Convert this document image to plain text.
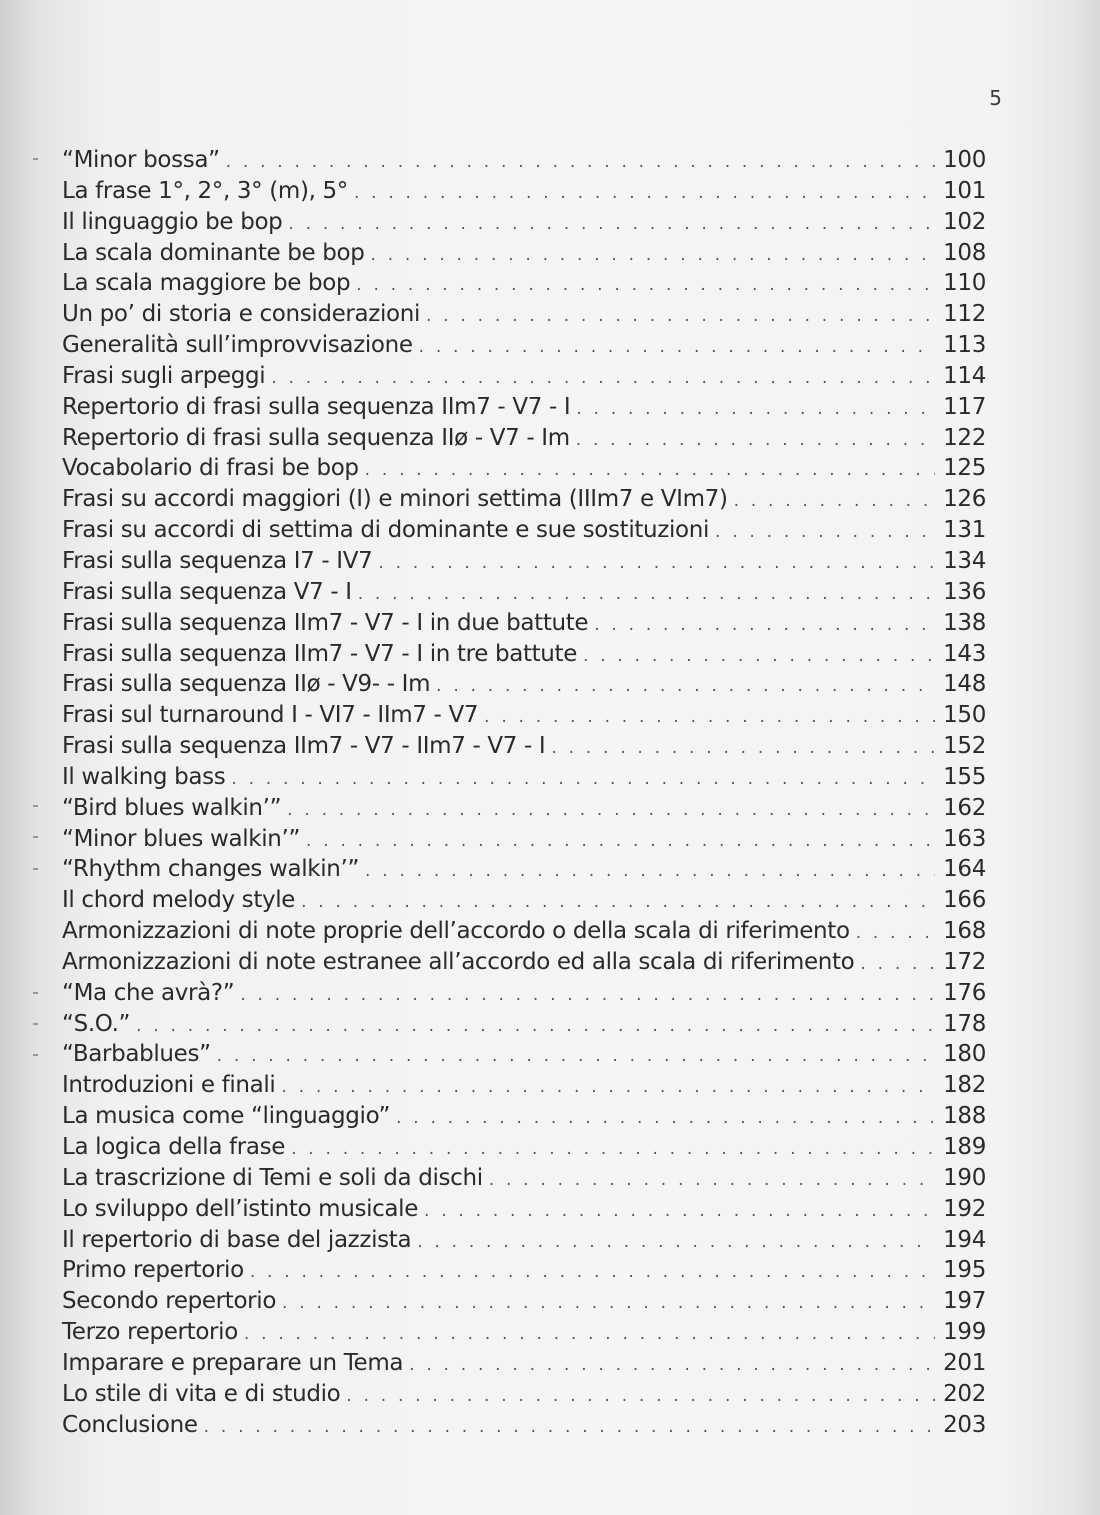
5
“Minor bossa” . . .	100
La frase 1°, 2°, 3° (m), 5° . . .	101
Il linguaggio be bop . . .	102
La scala dominante be bop . . .	108
La scala maggiore be bop . . .	110
Un po’ di storia e considerazioni . . .	112
Generalità sull’improvvisazione . . .	113
Frasi sugli arpeggi . . .	114
Repertorio di frasi sulla sequenza IIm7 - V7 - I . . .	117
Repertorio di frasi sulla sequenza IIø - V7 - Im . . .	122
Vocabolario di frasi be bop . . .	125
Frasi su accordi maggiori (I) e minori settima (IIIm7 e VIm7) . . .	126
Frasi su accordi di settima di dominante e sue sostituzioni . . .	131
Frasi sulla sequenza I7 - IV7 . . .	134
Frasi sulla sequenza V7 - I . . .	136
Frasi sulla sequenza IIm7 - V7 - I in due battute . . .	138
Frasi sulla sequenza IIm7 - V7 - I in tre battute . . .	143
Frasi sulla sequenza IIø - V9- - Im . . .	148
Frasi sul turnaround I - VI7 - IIm7 - V7 . . .	150
Frasi sulla sequenza IIm7 - V7 - IIm7 - V7 - I . . .	152
Il walking bass . . .	155
“Bird blues walkin’” . . .	162
“Minor blues walkin’” . . .	163
“Rhythm changes walkin’” . . .	164
Il chord melody style . . .	166
Armonizzazioni di note proprie dell’accordo o della scala di riferimento . . .	168
Armonizzazioni di note estranee all’accordo ed alla scala di riferimento . . .	172
“Ma che avrà?” . . .	176
“S.O.” . . .	178
“Barbablues” . . .	180
Introduzioni e finali . . .	182
La musica come “linguaggio” . . .	188
La logica della frase . . .	189
La trascrizione di Temi e soli da dischi . . .	190
Lo sviluppo dell’istinto musicale . . .	192
Il repertorio di base del jazzista . . .	194
Primo repertorio . . .	195
Secondo repertorio . . .	197
Terzo repertorio . . .	199
Imparare e preparare un Tema . . .	201
Lo stile di vita e di studio . . .	202
Conclusione . . .	203
